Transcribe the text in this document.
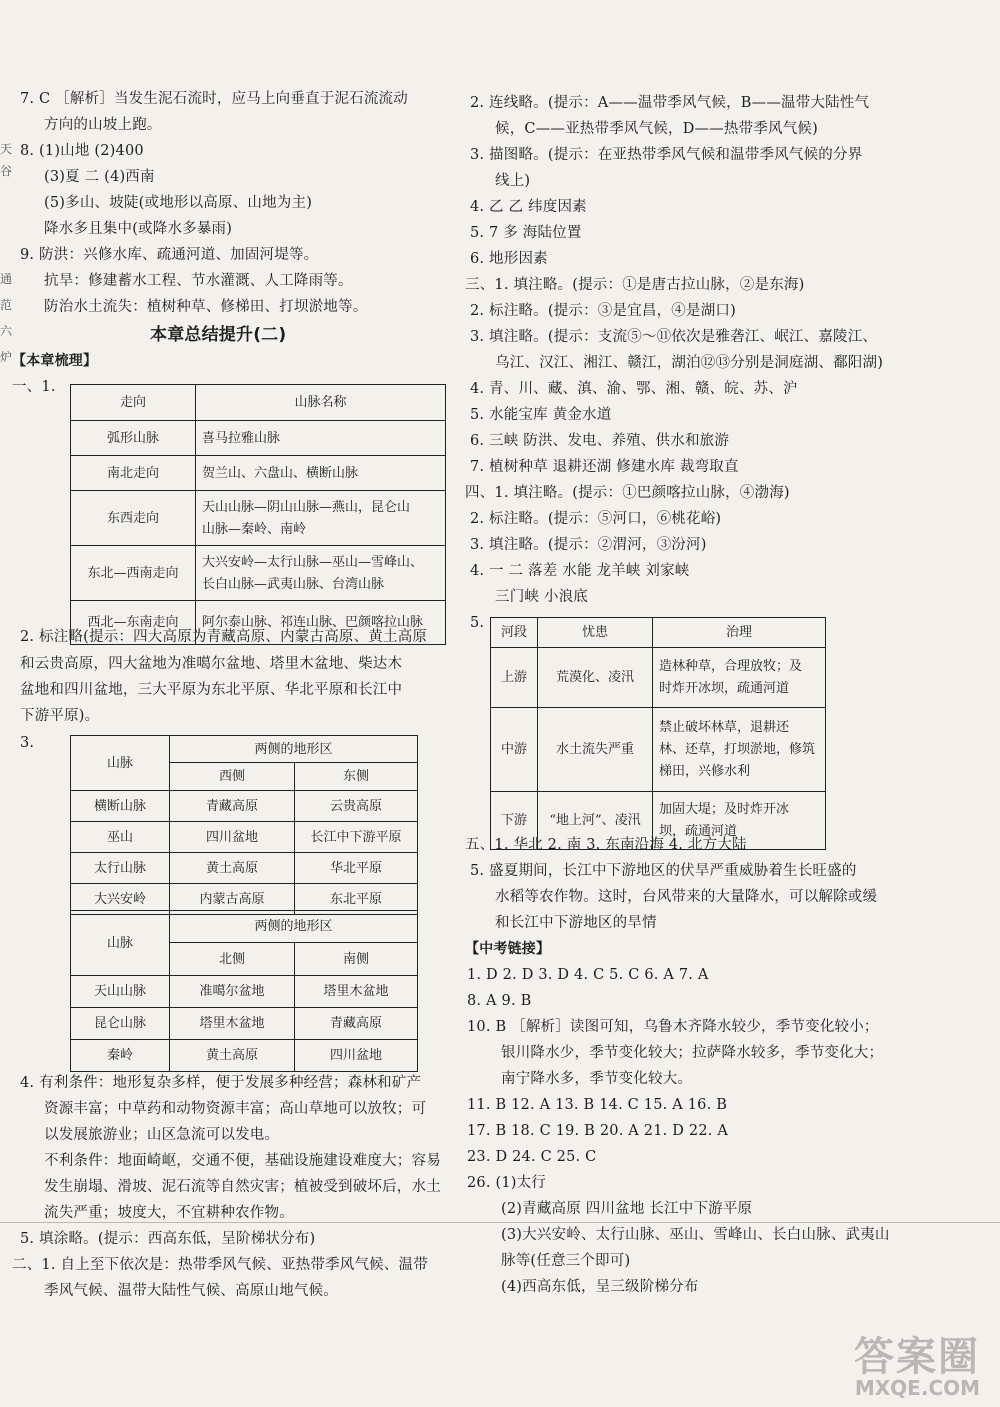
7. C ［解析］当发生泥石流时，应马上向垂直于泥石流流动
方向的山坡上跑。
8. (1)山地 (2)400
(3)夏 二 (4)西南
(5)多山、坡陡(或地形以高原、山地为主)
降水多且集中(或降水多暴雨)
9. 防洪：兴修水库、疏通河道、加固河堤等。
抗旱：修建蓄水工程、节水灌溉、人工降雨等。
防治水土流失：植树种草、修梯田、打坝淤地等。
本章总结提升(二)
【本章梳理】
一、1.
走向	山脉名称
弧形山脉	喜马拉雅山脉
南北走向	贺兰山、六盘山、横断山脉
东西走向	天山山脉—阴山山脉—燕山，昆仑山
山脉—秦岭、南岭

东北—西南走向	大兴安岭—太行山脉—巫山—雪峰山、
长白山脉—武夷山脉、台湾山脉

西北—东南走向	阿尔泰山脉、祁连山脉、巴颜喀拉山脉
2. 标注略(提示：四大高原为青藏高原、内蒙古高原、黄土高原
和云贵高原，四大盆地为准噶尔盆地、塔里木盆地、柴达木
盆地和四川盆地，三大平原为东北平原、华北平原和长江中
下游平原)。
3.
山脉	两侧的地形区	
	西侧	东侧
横断山脉	青藏高原	云贵高原
巫山	四川盆地	长江中下游平原
太行山脉	黄土高原	华北平原
大兴安岭	内蒙古高原	东北平原
山脉	两侧的地形区	
	北侧	南侧
天山山脉	准噶尔盆地	塔里木盆地
昆仑山脉	塔里木盆地	青藏高原
秦岭	黄土高原	四川盆地
4. 有利条件：地形复杂多样，便于发展多种经营；森林和矿产
资源丰富；中草药和动物资源丰富；高山草地可以放牧；可
以发展旅游业；山区急流可以发电。
不利条件：地面崎岖，交通不便，基础设施建设难度大；容易
发生崩塌、滑坡、泥石流等自然灾害；植被受到破坏后，水土
流失严重；坡度大，不宜耕种农作物。
5. 填涂略。(提示：西高东低，呈阶梯状分布)
二、1. 自上至下依次是：热带季风气候、亚热带季风气候、温带
季风气候、温带大陆性气候、高原山地气候。
天
谷
通
范
六
炉
2. 连线略。(提示：A——温带季风气候，B——温带大陆性气
候，C——亚热带季风气候，D——热带季风气候)
3. 描图略。(提示：在亚热带季风气候和温带季风气候的分界
线上)
4. 乙 乙 纬度因素
5. 7 多 海陆位置
6. 地形因素
三、1. 填注略。(提示：①是唐古拉山脉，②是东海)
2. 标注略。(提示：③是宜昌，④是湖口)
3. 填注略。(提示：支流⑤～⑪依次是雅砻江、岷江、嘉陵江、
乌江、汉江、湘江、赣江，湖泊⑫⑬分别是洞庭湖、鄱阳湖)
4. 青、川、藏、滇、渝、鄂、湘、赣、皖、苏、沪
5. 水能宝库 黄金水道
6. 三峡 防洪、发电、养殖、供水和旅游
7. 植树种草 退耕还湖 修建水库 裁弯取直
四、1. 填注略。(提示：①巴颜喀拉山脉，④渤海)
2. 标注略。(提示：⑤河口，⑥桃花峪)
3. 填注略。(提示：②渭河，③汾河)
4. 一 二 落差 水能 龙羊峡 刘家峡
三门峡 小浪底
5.
河段	忧患	治理
上游	荒漠化、凌汛	造林种草，合理放牧；及
时炸开冰坝，疏通河道

中游	水土流失严重	禁止破坏林草，退耕还
林、还草，打坝淤地，修筑
梯田，兴修水利

下游	“地上河”、凌汛	加固大堤；及时炸开冰
坝，疏通河道
五、1. 华北 2. 南 3. 东南沿海 4. 北方大陆
5. 盛夏期间，长江中下游地区的伏旱严重威胁着生长旺盛的
水稻等农作物。这时，台风带来的大量降水，可以解除或缓
和长江中下游地区的旱情
【中考链接】
1. D 2. D 3. D 4. C 5. C 6. A 7. A
8. A 9. B
10. B ［解析］读图可知，乌鲁木齐降水较少，季节变化较小；
银川降水少，季节变化较大；拉萨降水较多，季节变化大；
南宁降水多，季节变化较大。
11. B 12. A 13. B 14. C 15. A 16. B
17. B 18. C 19. B 20. A 21. D 22. A
23. D 24. C 25. C
26. (1)太行
(2)青藏高原 四川盆地 长江中下游平原
(3)大兴安岭、太行山脉、巫山、雪峰山、长白山脉、武夷山
脉等(任意三个即可)
(4)西高东低，呈三级阶梯分布
答案圈
MXQE.COM
